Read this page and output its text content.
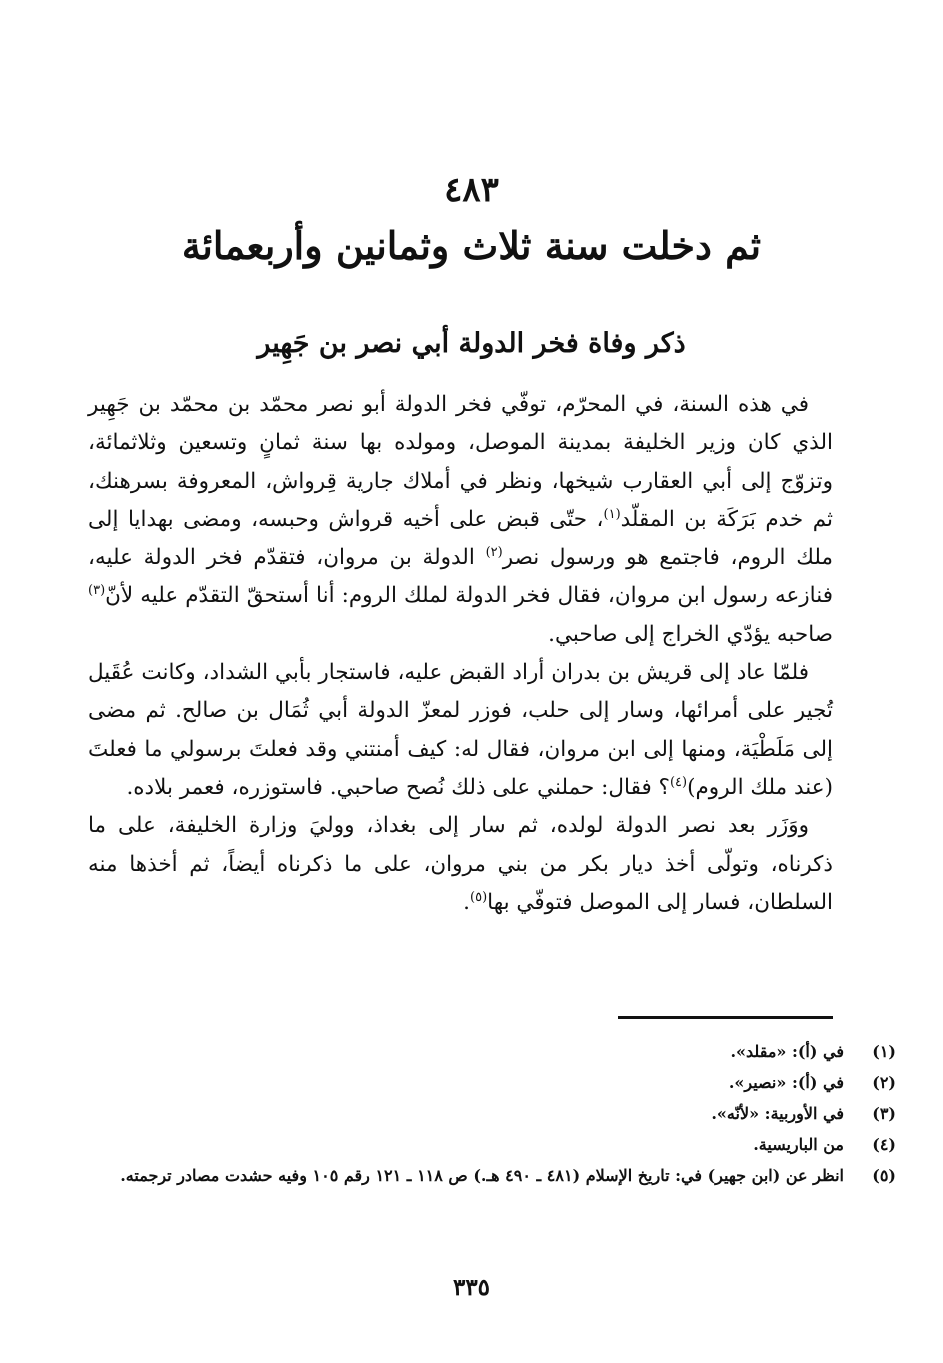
٤٨٣
ثم دخلت سنة ثلاث وثمانين وأربعمائة
ذكر وفاة فخر الدولة أبي نصر بن جَهِير

في هذه السنة، في المحرّم، توفّي فخر الدولة أبو نصر محمّد بن محمّد بن جَهِير الذي كان وزير الخليفة بمدينة الموصل، ومولده بها سنة ثمانٍ وتسعين وثلاثمائة، وتزوّج إلى أبي العقارب شيخها، ونظر في أملاك جارية قِرواش، المعروفة بسرهنك، ثم خدم بَرَكَة بن المقلّد$^{(١)}$، حتّى قبض على أخيه قرواش وحبسه، ومضى بهدايا إلى ملك الروم، فاجتمع هو ورسول نصر$^{(٢)}$ الدولة بن مروان، فتقدّم فخر الدولة عليه، فنازعه رسول ابن مروان، فقال فخر الدولة لملك الروم: أنا أستحقّ التقدّم عليه لأنّ$^{(٣)}$ صاحبه يؤدّي الخراج إلى صاحبي.

فلمّا عاد إلى قريش بن بدران أراد القبض عليه، فاستجار بأبي الشداد، وكانت عُقَيل تُجير على أمرائها، وسار إلى حلب، فوزر لمعزّ الدولة أبي ثُمَال بن صالح. ثم مضى إلى مَلَطْيَة، ومنها إلى ابن مروان، فقال له: كيف أمنتني وقد فعلتَ برسولي ما فعلتَ (عند ملك الروم)$^{(٤)}$؟ فقال: حملني على ذلك نُصح صاحبي. فاستوزره، فعمر بلاده.

ووَزَر بعد نصر الدولة لولده، ثم سار إلى بغداذ، ووليَ وزارة الخليفة، على ما ذكرناه، وتولّى أخذ ديار بكر من بني مروان، على ما ذكرناه أيضاً، ثم أخذها منه السلطان، فسار إلى الموصل فتوفّي بها$^{(٥)}$.

(١)
في (أ): «مقلد».
(٢)
في (أ): «نصير».
(٣)
في الأوربية: «لأنّه».
(٤)
من الباريسية.
(٥)
انظر عن (ابن جهير) في: تاريخ الإسلام (٤٨١ ـ ٤٩٠ هـ.) ص ١١٨ ـ ١٢١ رقم ١٠٥ وفيه حشدت مصادر ترجمته.
٣٣٥
